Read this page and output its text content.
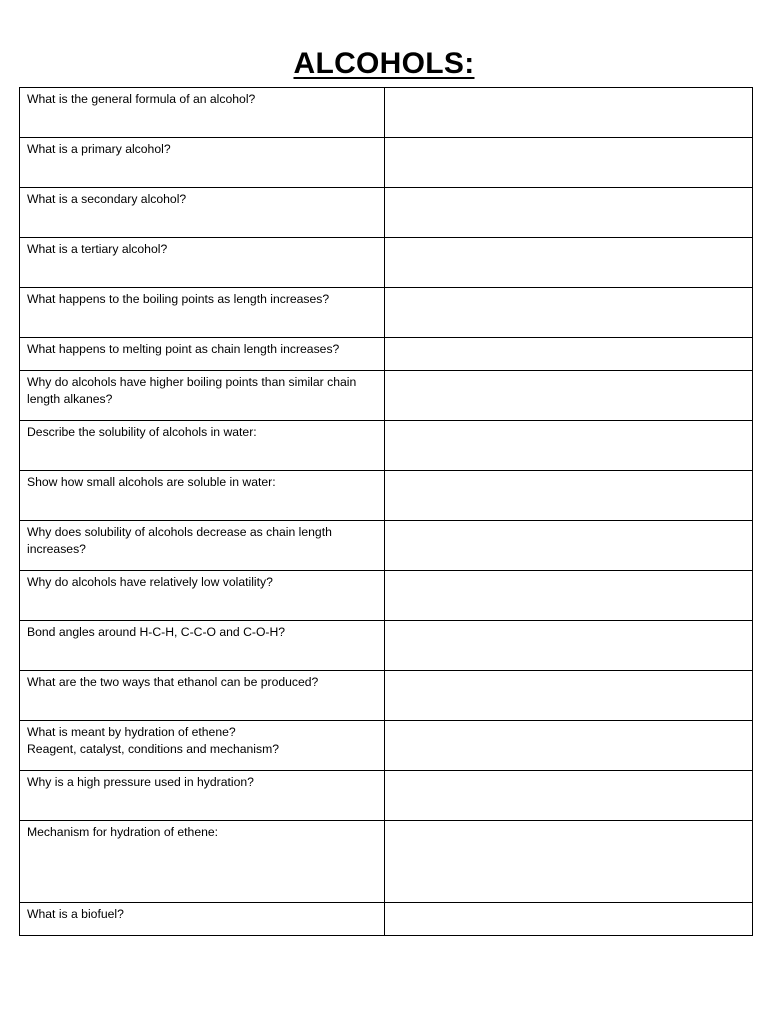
ALCOHOLS:
What is the general formula of an alcohol?	
What is a primary alcohol?	
What is a secondary alcohol?	
What is a tertiary alcohol?	
What happens to the boiling points as length increases?	
What happens to melting point as chain length increases?	
Why do alcohols have higher boiling points than similar chain length alkanes?	
Describe the solubility of alcohols in water:	
Show how small alcohols are soluble in water:	
Why does solubility of alcohols decrease as chain length increases?	
Why do alcohols have relatively low volatility?	
Bond angles around H-C-H, C-C-O and C-O-H?	
What are the two ways that ethanol can be produced?	
What is meant by hydration of ethene?
Reagent, catalyst, conditions and mechanism?	
Why is a high pressure used in hydration?	
Mechanism for hydration of ethene:	
What is a biofuel?	
